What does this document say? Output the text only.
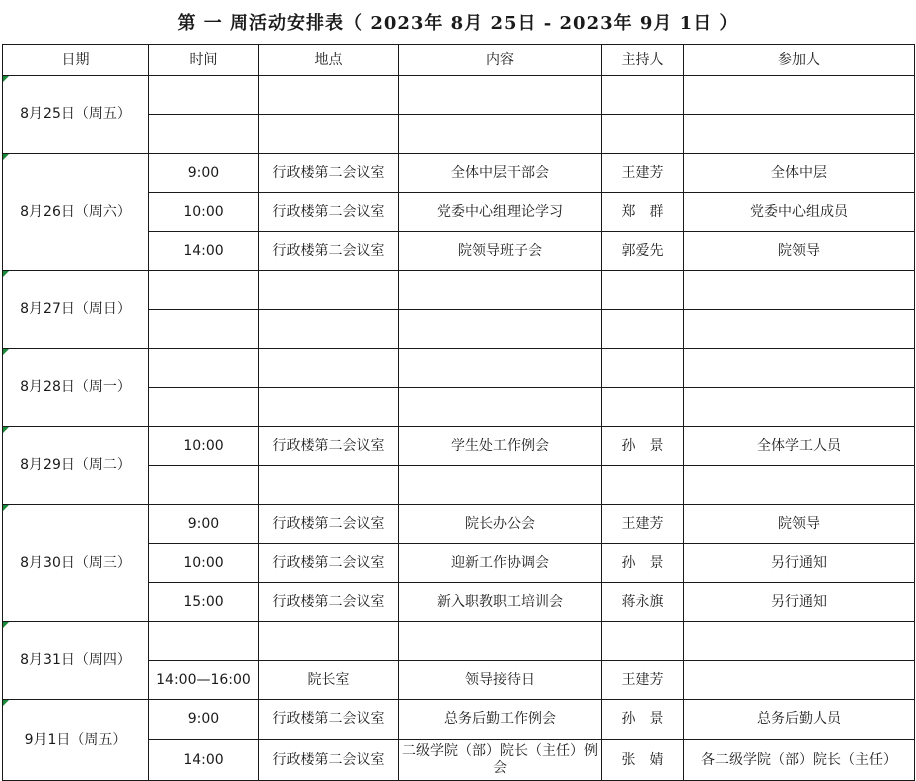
第 一 周活动安排表（ 2023年 8月 25日 - 2023年 9月 1日 ）
日期	时间	地点	内容	主持人	参加人
8月25日（周五）					

8月26日（周六）	9:00	行政楼第二会议室	全体中层干部会	王建芳	全体中层
	10:00	行政楼第二会议室	党委中心组理论学习	郑　群	党委中心组成员
	14:00	行政楼第二会议室	院领导班子会	郭爱先	院领导
8月27日（周日）					

8月28日（周一）					

8月29日（周二）	10:00	行政楼第二会议室	学生处工作例会	孙　景	全体学工人员

8月30日（周三）	9:00	行政楼第二会议室	院长办公会	王建芳	院领导
	10:00	行政楼第二会议室	迎新工作协调会	孙　景	另行通知
	15:00	行政楼第二会议室	新入职教职工培训会	蒋永旗	另行通知
8月31日（周四）					
	14:00—16:00	院长室	领导接待日	王建芳	
9月1日（周五）	9:00	行政楼第二会议室	总务后勤工作例会	孙　景	总务后勤人员
	14:00	行政楼第二会议室	二级学院（部）院长（主任）例会	张　婧	各二级学院（部）院长（主任）
